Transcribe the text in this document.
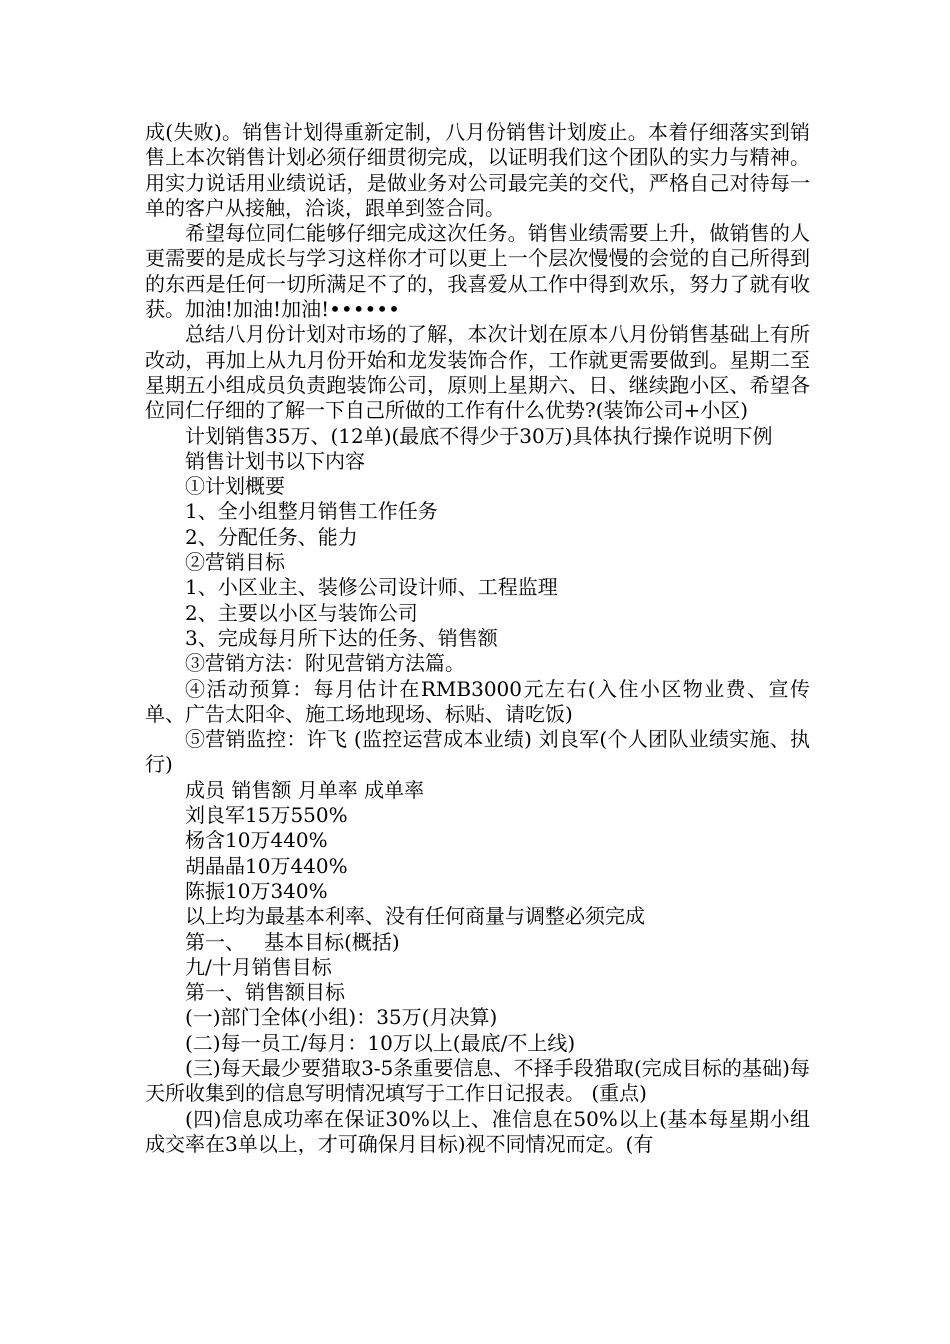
成(失败)。销售计划得重新定制，八月份销售计划废止。本着仔细落实到销售上本次销售计划必须仔细贯彻完成，以证明我们这个团队的实力与精神。用实力说话用业绩说话，是做业务对公司最完美的交代，严格自己对待每一单的客户从接触，洽谈，跟单到签合同。

希望每位同仁能够仔细完成这次任务。销售业绩需要上升，做销售的人更需要的是成长与学习这样你才可以更上一个层次慢慢的会觉的自己所得到的东西是任何一切所满足不了的，我喜爱从工作中得到欢乐，努力了就有收获。加油!加油!加油!••••••

总结八月份计划对市场的了解，本次计划在原本八月份销售基础上有所改动，再加上从九月份开始和龙发装饰合作，工作就更需要做到。星期二至星期五小组成员负责跑装饰公司，原则上星期六、日、继续跑小区、希望各位同仁仔细的了解一下自己所做的工作有什么优势?(装饰公司+小区)

计划销售35万、(12单)(最底不得少于30万)具体执行操作说明下例

销售计划书以下内容
①计划概要
1、全小组整月销售工作任务
2、分配任务、能力
②营销目标
1、小区业主、装修公司设计师、工程监理
2、主要以小区与装饰公司
3、完成每月所下达的任务、销售额
③营销方法：附见营销方法篇。

④活动预算：每月估计在RMB3000元左右(入住小区物业费、宣传单、广告太阳伞、施工场地现场、标贴、请吃饭)

⑤营销监控：许飞 (监控运营成本业绩) 刘良军(个人团队业绩实施、执行)

成员 销售额 月单率 成单率
刘良军15万550%
杨含10万440%
胡晶晶10万440%
陈振10万340%
以上均为最基本利率、没有任何商量与调整必须完成
第一、   基本目标(概括)
九/十月销售目标
第一、销售额目标
(一)部门全体(小组)：35万(月决算)
(二)每一员工/每月：10万以上(最底/不上线)

(三)每天最少要猎取3-5条重要信息、不择手段猎取(完成目标的基础)每天所收集到的信息写明情况填写于工作日记报表。 (重点)

(四)信息成功率在保证30%以上、准信息在50%以上(基本每星期小组成交率在3单以上，才可确保月目标)视不同情况而定。(有
